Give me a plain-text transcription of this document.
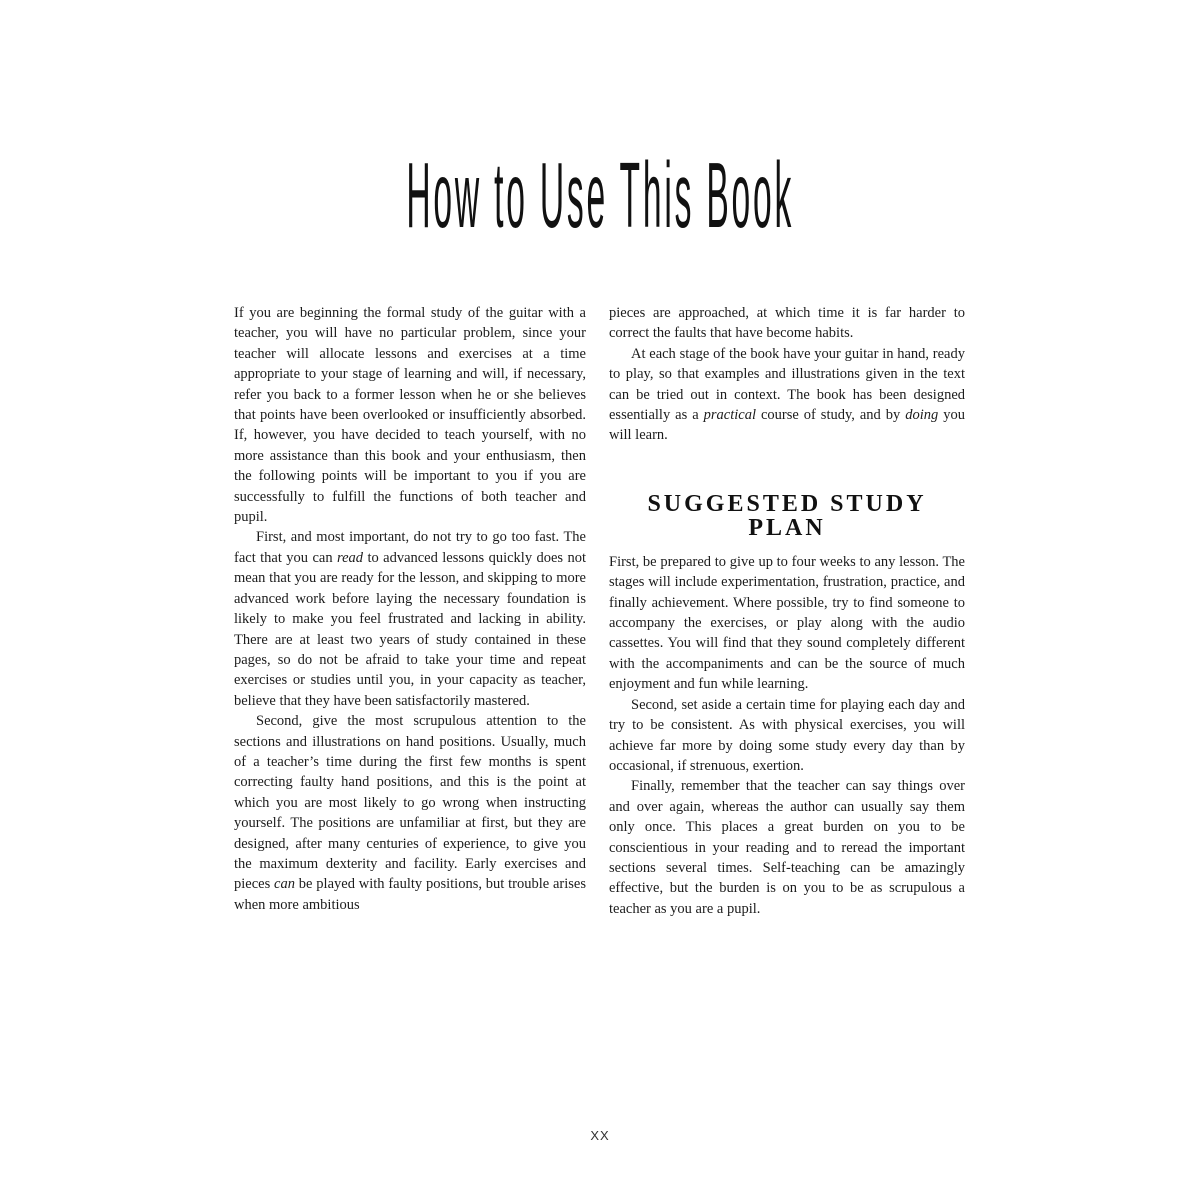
How to Use This Book

If you are beginning the formal study of the guitar with a teacher, you will have no particular problem, since your teacher will allocate lessons and exercises at a time appropriate to your stage of learning and will, if necessary, refer you back to a former lesson when he or she believes that points have been overlooked or insufficiently absorbed. If, however, you have decided to teach yourself, with no more assistance than this book and your enthusiasm, then the following points will be important to you if you are successfully to fulfill the functions of both teacher and pupil.

First, and most important, do not try to go too fast. The fact that you can read to advanced lessons quickly does not mean that you are ready for the lesson, and skipping to more advanced work before laying the necessary foundation is likely to make you feel frustrated and lacking in ability. There are at least two years of study contained in these pages, so do not be afraid to take your time and repeat exercises or studies until you, in your capacity as teacher, believe that they have been satisfactorily mastered.

Second, give the most scrupulous attention to the sections and illustrations on hand positions. Usually, much of a teacher’s time during the first few months is spent correcting faulty hand positions, and this is the point at which you are most likely to go wrong when instructing yourself. The positions are unfamiliar at first, but they are designed, after many centuries of experience, to give you the maximum dexterity and facility. Early exercises and pieces can be played with faulty positions, but trouble arises when more ambitious

pieces are approached, at which time it is far harder to correct the faults that have become habits.

At each stage of the book have your guitar in hand, ready to play, so that examples and illustrations given in the text can be tried out in context. The book has been designed essentially as a practical course of study, and by doing you will learn.

SUGGESTED STUDY PLAN

First, be prepared to give up to four weeks to any lesson. The stages will include experimentation, frustration, practice, and finally achievement. Where possible, try to find someone to accompany the exercises, or play along with the audio cassettes. You will find that they sound completely different with the accompaniments and can be the source of much enjoyment and fun while learning.

Second, set aside a certain time for playing each day and try to be consistent. As with physical exercises, you will achieve far more by doing some study every day than by occasional, if strenuous, exertion.

Finally, remember that the teacher can say things over and over again, whereas the author can usually say them only once. This places a great burden on you to be conscientious in your reading and to reread the important sections several times. Self-teaching can be amazingly effective, but the burden is on you to be as scrupulous a teacher as you are a pupil.

XX
